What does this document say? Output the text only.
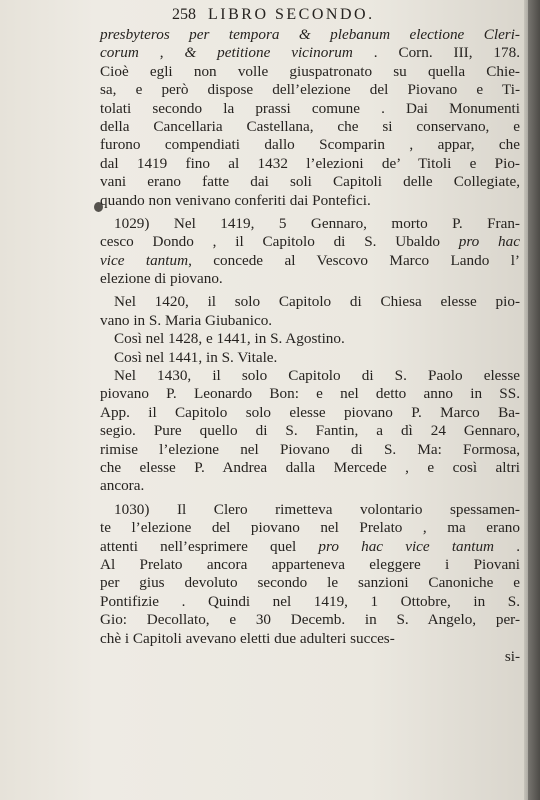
258 LIBRO SECONDO.
presbyteros per tempora & plebanum electione Cleri-
corum , & petitione vicinorum . Corn. III, 178.
Cioè egli non volle giuspatronato su quella Chie-
sa, e però dispose dell’elezione del Piovano e Ti-
tolati secondo la prassi comune . Dai Monumenti
della Cancellaria Castellana, che si conservano, e
furono compendiati dallo Scomparin , appar, che
dal 1419 fino al 1432 l’elezioni de’ Titoli e Pio-
vani erano fatte dai soli Capitoli delle Collegiate,
quando non venivano conferiti dai Pontefici.
1029) Nel 1419, 5 Gennaro, morto P. Fran-
cesco Dondo , il Capitolo di S. Ubaldo pro hac
vice tantum, concede al Vescovo Marco Lando l’
elezione di piovano.
Nel 1420, il solo Capitolo di Chiesa elesse pio-
vano in S. Maria Giubanico.
Così nel 1428, e 1441, in S. Agostino.
Così nel 1441, in S. Vitale.
Nel 1430, il solo Capitolo di S. Paolo elesse
piovano P. Leonardo Bon: e nel detto anno in SS.
App. il Capitolo solo elesse piovano P. Marco Ba-
segio. Pure quello di S. Fantin, a dì 24 Gennaro,
rimise l’elezione nel Piovano di S. Ma: Formosa,
che elesse P. Andrea dalla Mercede , e così altri
ancora.
1030) Il Clero rimetteva volontario spessamen-
te l’elezione del piovano nel Prelato , ma erano
attenti nell’esprimere quel pro hac vice tantum .
Al Prelato ancora apparteneva eleggere i Piovani
per gius devoluto secondo le sanzioni Canoniche e
Pontifizie . Quindi nel 1419, 1 Ottobre, in S.
Gio: Decollato, e 30 Decemb. in S. Angelo, per-
chè i Capitoli avevano eletti due adulteri succes-
si-
